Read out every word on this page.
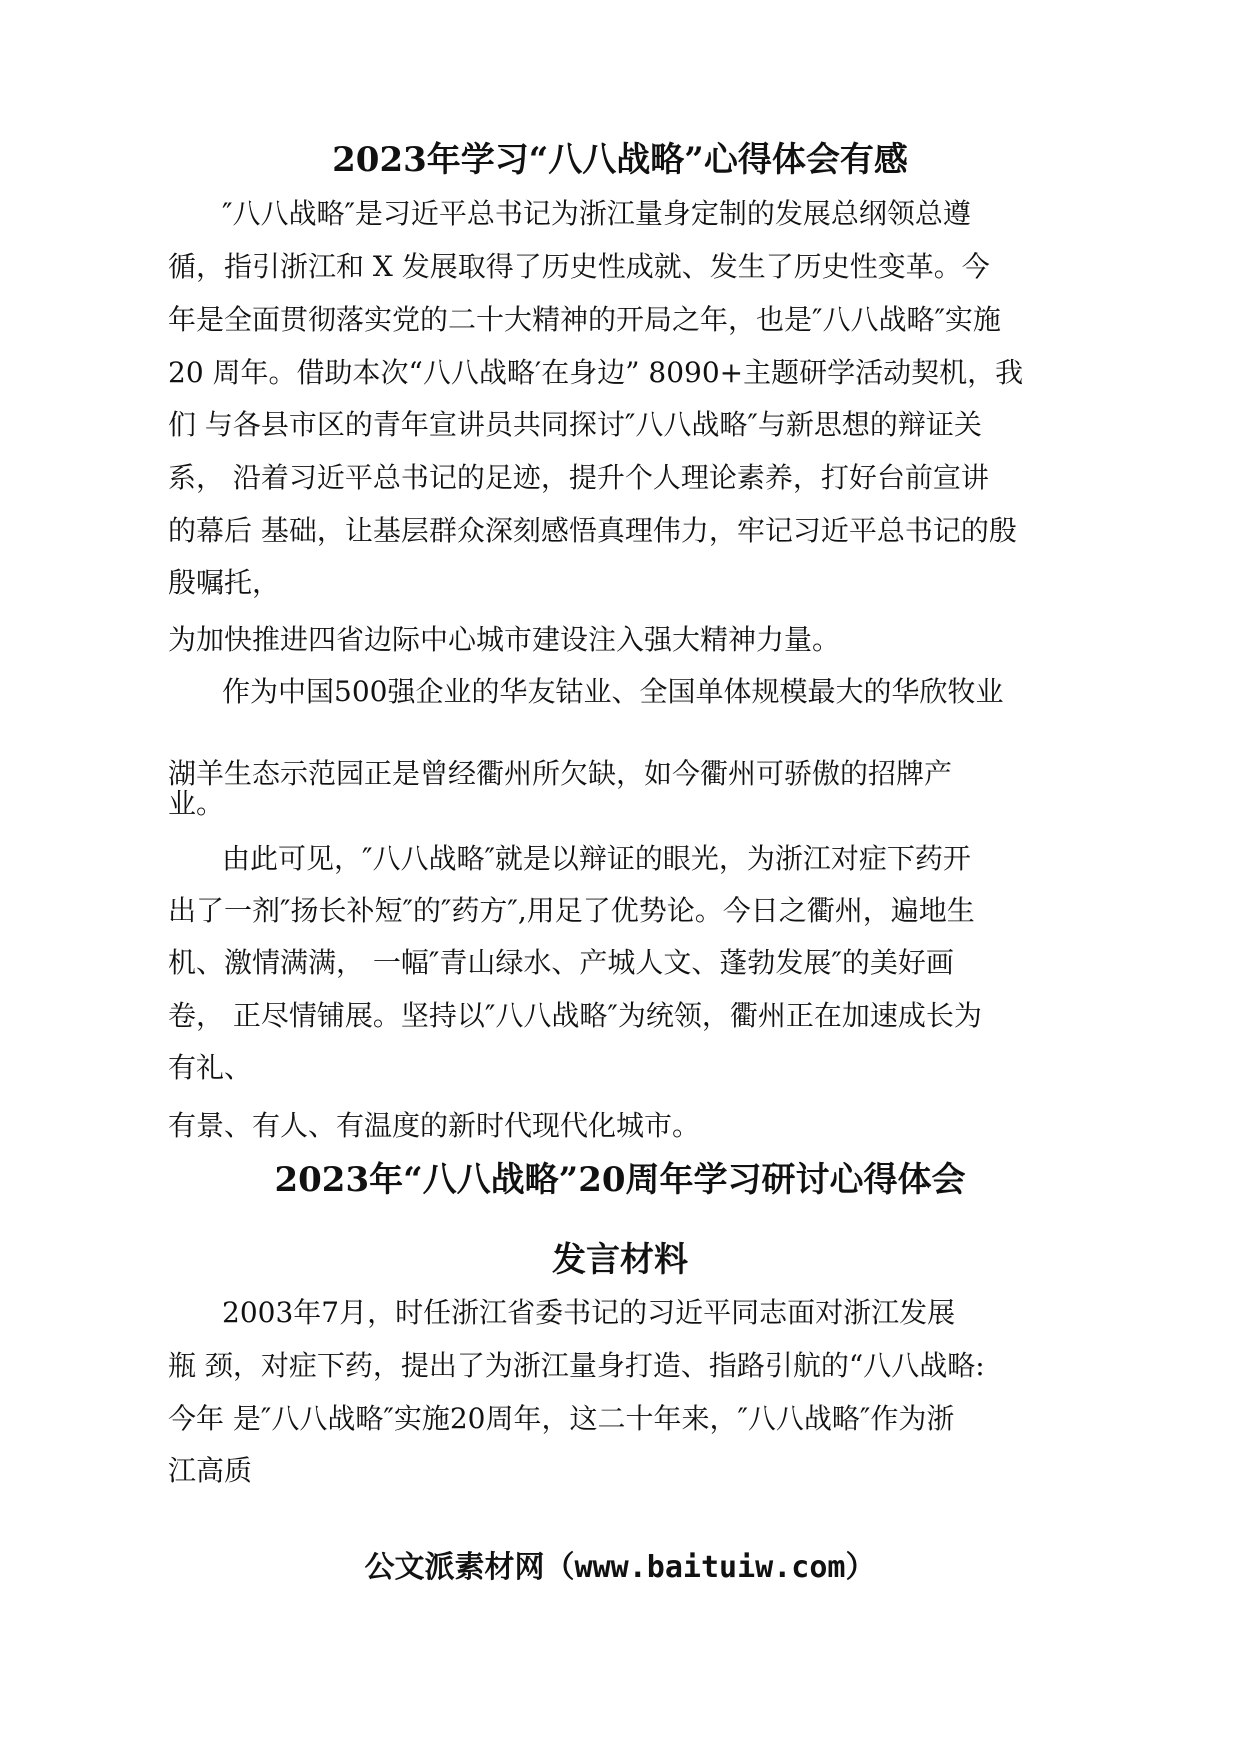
2023年学习“八八战略”心得体会有感
″八八战略″是习近平总书记为浙江量身定制的发展总纲领总遵
循，指引浙江和 X 发展取得了历史性成就、发生了历史性变革。今
年是全面贯彻落实党的二十大精神的开局之年，也是″八八战略″实施
20 周年。借助本次“八八战略′在身边” 8090+主题研学活动契机，我
们 与各县市区的青年宣讲员共同探讨″八八战略″与新思想的辩证关
系， 沿着习近平总书记的足迹，提升个人理论素养，打好台前宣讲
的幕后 基础，让基层群众深刻感悟真理伟力，牢记习近平总书记的殷
殷嘱托，
为加快推进四省边际中心城市建设注入强大精神力量。
作为中国500强企业的华友钴业、全国单体规模最大的华欣牧业
湖羊生态示范园正是曾经衢州所欠缺，如今衢州可骄傲的招牌产
业。
由此可见，″八八战略″就是以辩证的眼光，为浙江对症下药开
出了一剂″扬长补短″的″药方″,用足了优势论。今日之衢州，遍地生
机、激情满满， 一幅″青山绿水、产城人文、蓬勃发展″的美好画
卷， 正尽情铺展。坚持以″八八战略″为统领，衢州正在加速成长为
有礼、
有景、有人、有温度的新时代现代化城市。
2023年“八八战略”20周年学习研讨心得体会
发言材料
2003年7月，时任浙江省委书记的习近平同志面对浙江发展
瓶 颈，对症下药，提出了为浙江量身打造、指路引航的“八八战略:
今年 是″八八战略″实施20周年，这二十年来，″八八战略″作为浙
江高质
公文派素材网（www.baituiw.com）
